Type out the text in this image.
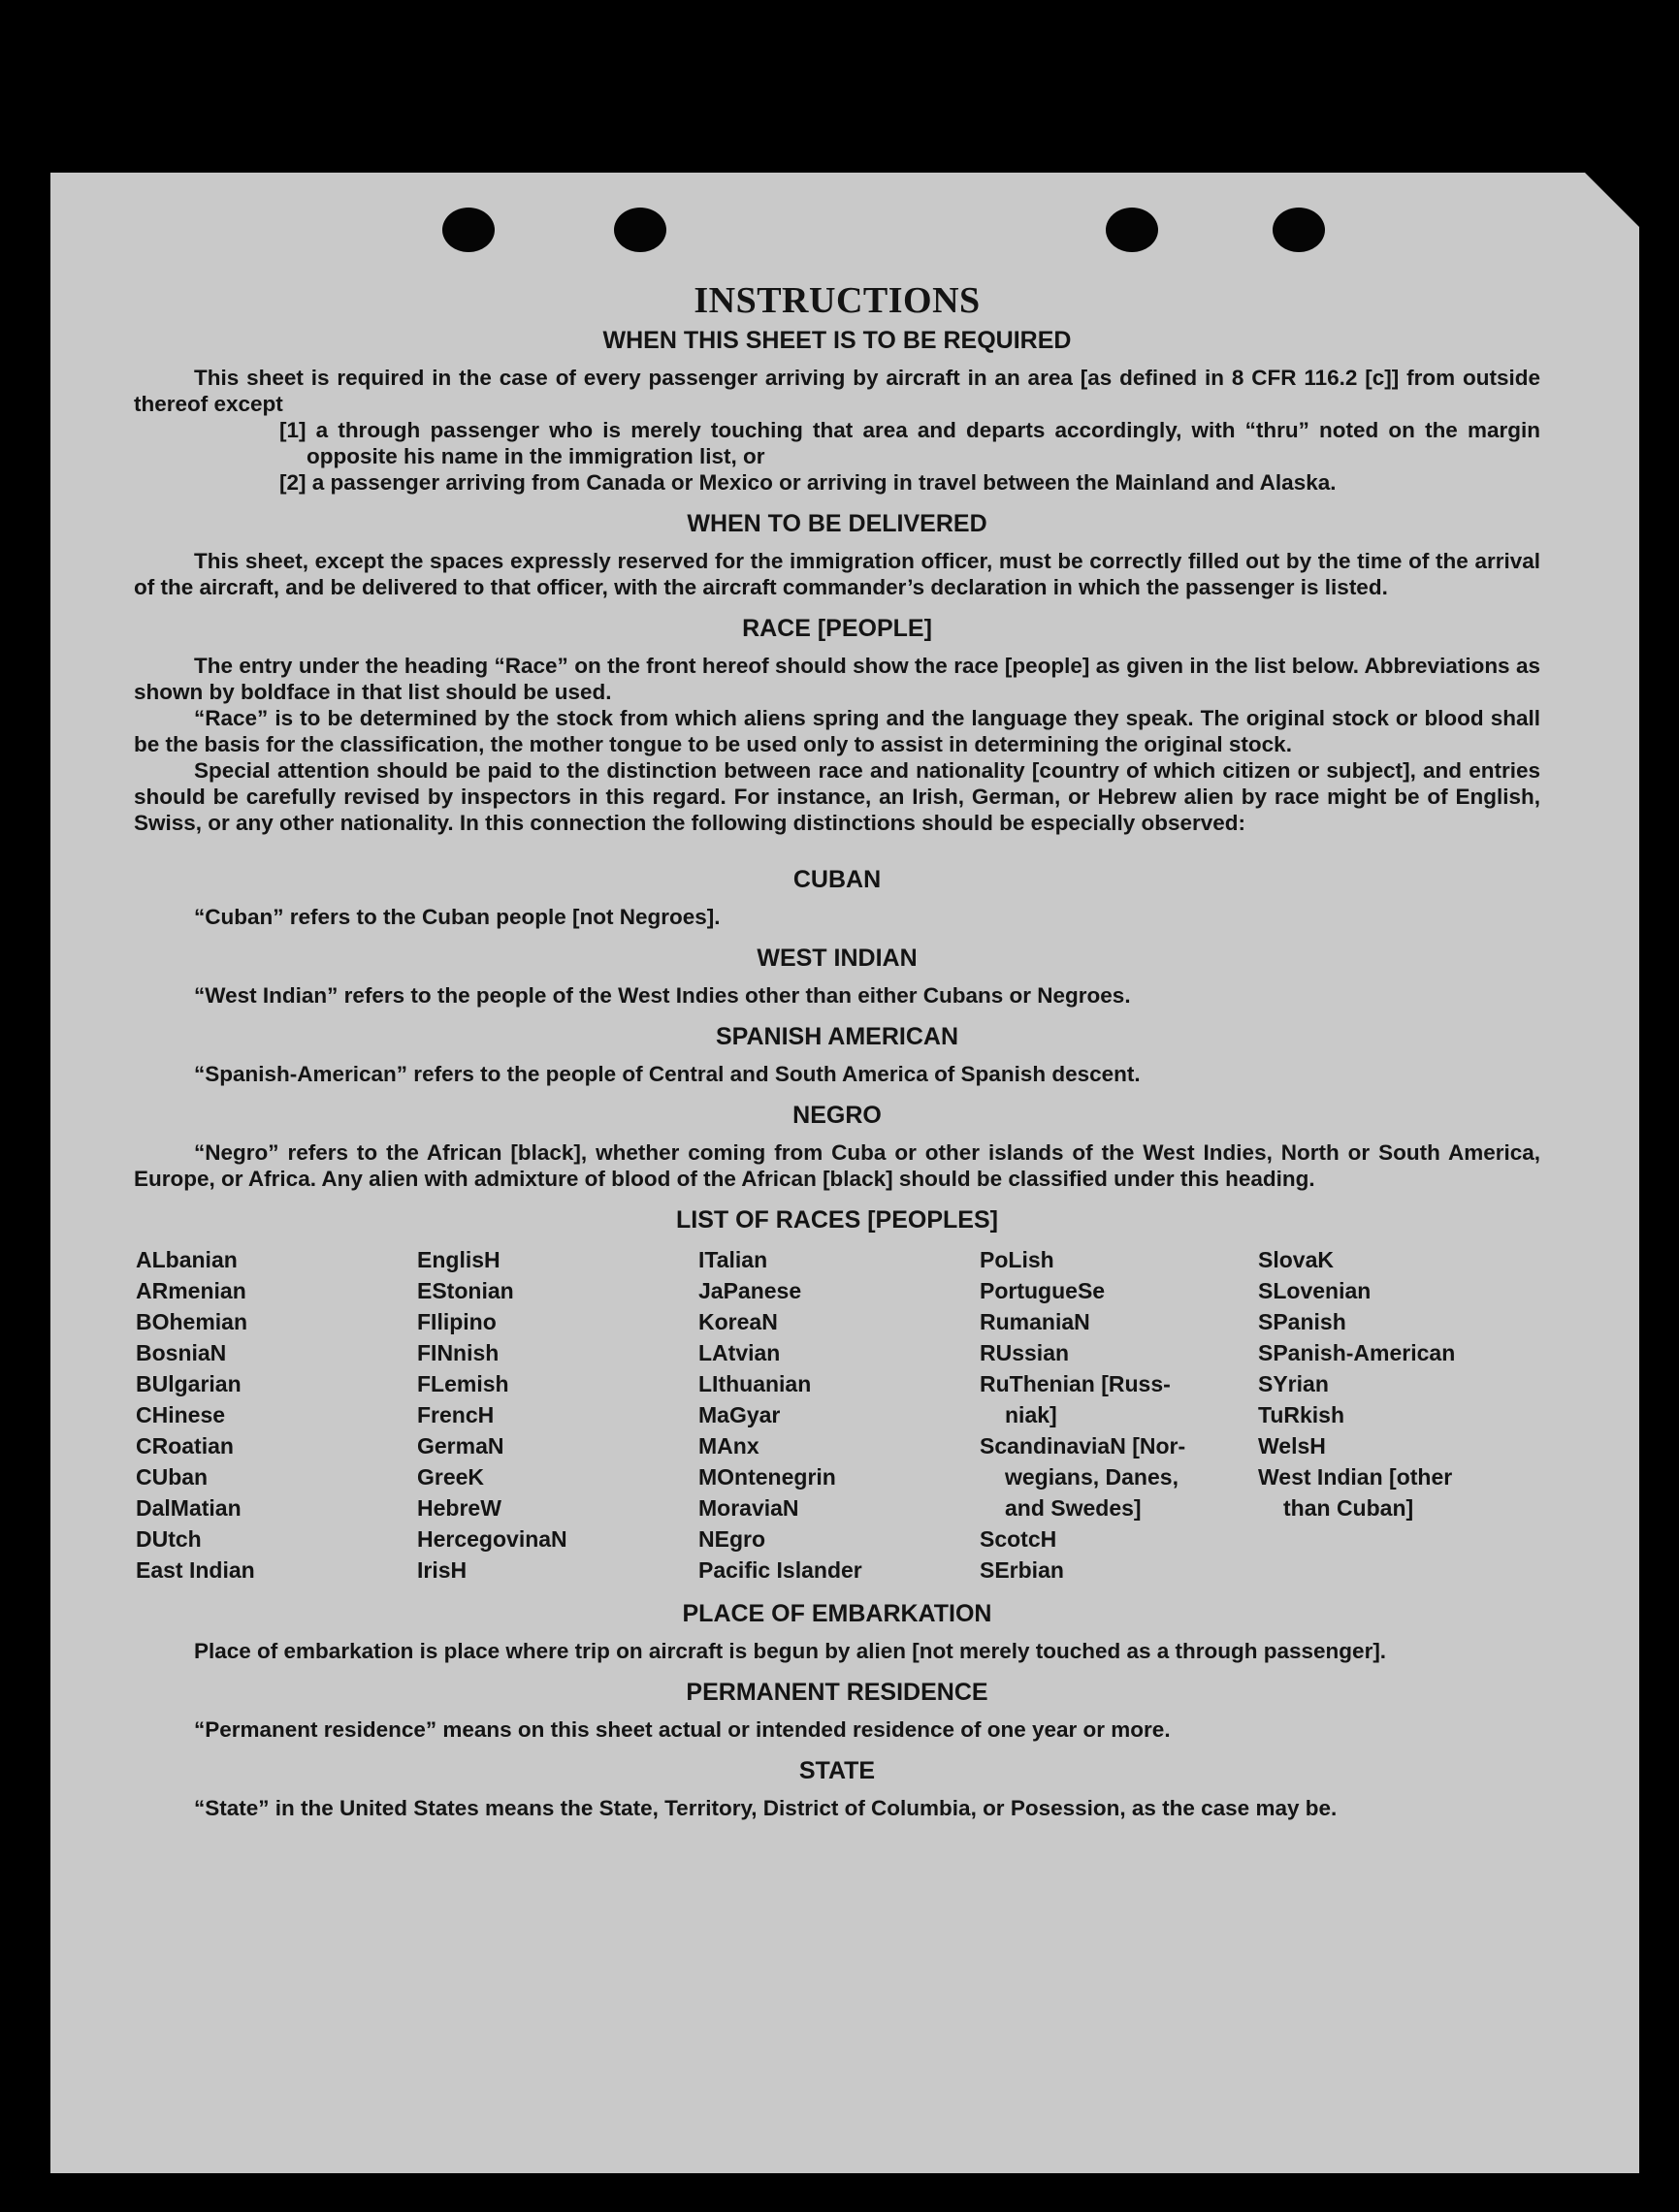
INSTRUCTIONS
WHEN THIS SHEET IS TO BE REQUIRED

This sheet is required in the case of every passenger arriving by aircraft in an area [as defined in 8 CFR 116.2 [c]] from outside thereof except

[1] a through passenger who is merely touching that area and departs accordingly, with “thru” noted on the margin opposite his name in the immigration list, or

[2] a passenger arriving from Canada or Mexico or arriving in travel between the Mainland and Alaska.

WHEN TO BE DELIVERED

This sheet, except the spaces expressly reserved for the immigration officer, must be correctly filled out by the time of the arrival of the aircraft, and be delivered to that officer, with the aircraft commander’s declaration in which the passenger is listed.

RACE [PEOPLE]

The entry under the heading “Race” on the front hereof should show the race [people] as given in the list below. Abbreviations as shown by boldface in that list should be used.

“Race” is to be determined by the stock from which aliens spring and the language they speak. The original stock or blood shall be the basis for the classification, the mother tongue to be used only to assist in determining the original stock.

Special attention should be paid to the distinction between race and nationality [country of which citizen or subject], and entries should be carefully revised by inspectors in this regard. For instance, an Irish, German, or Hebrew alien by race might be of English, Swiss, or any other nationality. In this connection the following distinctions should be especially observed:

CUBAN

“Cuban” refers to the Cuban people [not Negroes].

WEST INDIAN

“West Indian” refers to the people of the West Indies other than either Cubans or Negroes.

SPANISH AMERICAN

“Spanish-American” refers to the people of Central and South America of Spanish descent.

NEGRO

“Negro” refers to the African [black], whether coming from Cuba or other islands of the West Indies, North or South America, Europe, or Africa. Any alien with admixture of blood of the African [black] should be classified under this heading.

LIST OF RACES [PEOPLES]
ALbanian	EnglisH	ITalian	PoLish	SlovaK
ARmenian	EStonian	JaPanese	PortugueSe	SLovenian
BOhemian	FIlipino	KoreaN	RumaniaN	SPanish
BosniaN	FINnish	LAtvian	RUssian	SPanish-American
BUlgarian	FLemish	LIthuanian	RuThenian [Russ-	SYrian
CHinese	FrencH	MaGyar	niak]	TuRkish
CRoatian	GermaN	MAnx	ScandinaviaN [Nor-	WelsH
CUban	GreeK	MOntenegrin	wegians, Danes,	West Indian [other
DalMatian	HebreW	MoraviaN	and Swedes]	than Cuban]
DUtch	HercegovinaN	NEgro	ScotcH
East Indian	IrisH	Pacific Islander	SErbian
PLACE OF EMBARKATION

Place of embarkation is place where trip on aircraft is begun by alien [not merely touched as a through passenger].

PERMANENT RESIDENCE

“Permanent residence” means on this sheet actual or intended residence of one year or more.

STATE

“State” in the United States means the State, Territory, District of Columbia, or Posession, as the case may be.
